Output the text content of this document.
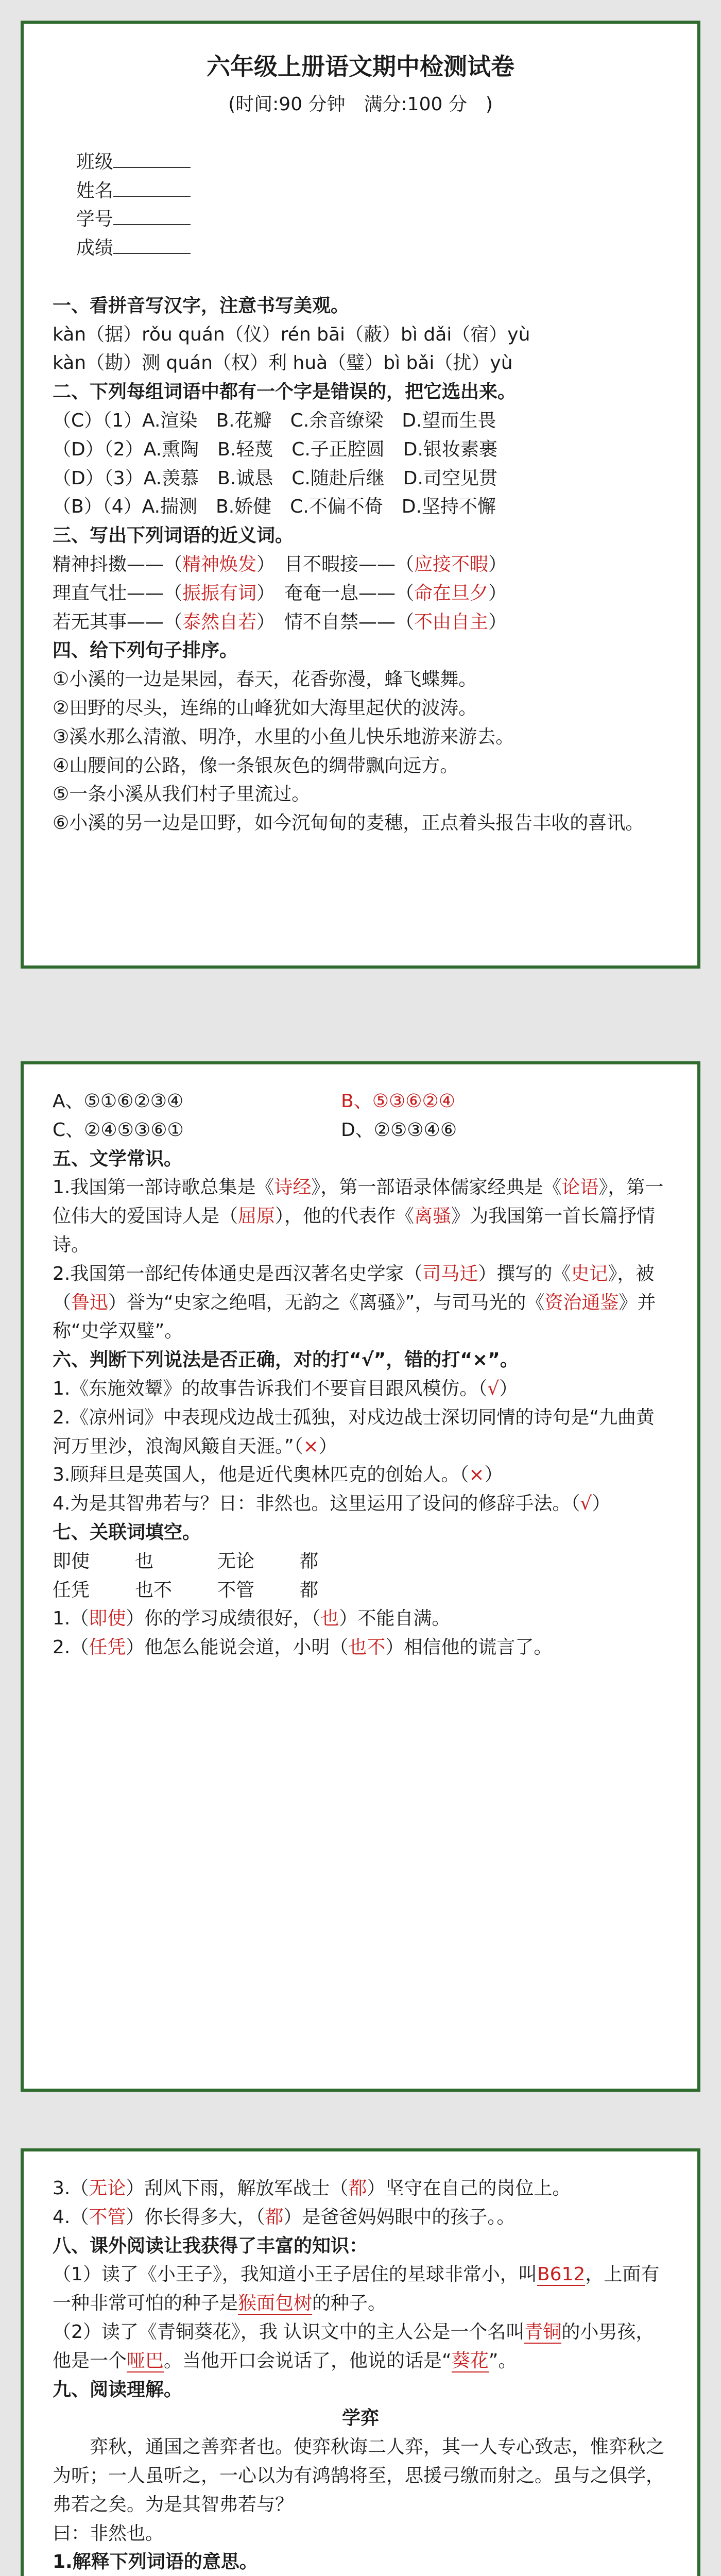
六年级上册语文期中检测试卷
(时间:90 分钟　满分:100 分　)

班级
姓名
学号
成绩

一、看拼音写汉字，注意书写美观。
kàn（据）rǒu quán（仪）rén bāi（蔽）bì dǎi（宿）yù
kàn（勘）测 quán（权）利 huà（璧）bì bǎi（扰）yù
二、下列每组词语中都有一个字是错误的，把它选出来。
（C）（1）A.渲染　B.花瓣　C.余音缭梁　D.望而生畏
（D）（2）A.熏陶　B.轻蔑　C.子正腔圆　D.银妆素裹
（D）（3）A.羡慕　B.诚恳　C.随赴后继　D.司空见贯
（B）（4）A.揣测　B.娇健　C.不偏不倚　D.坚持不懈
三、写出下列词语的近义词。
精神抖擞——（精神焕发）　目不暇接——（应接不暇）
理直气壮——（振振有词）　奄奄一息——（命在旦夕）
若无其事——（泰然自若）　情不自禁——（不由自主）
四、给下列句子排序。
①小溪的一边是果园，春天，花香弥漫，蜂飞蝶舞。
②田野的尽头，连绵的山峰犹如大海里起伏的波涛。
③溪水那么清澈、明净，水里的小鱼儿快乐地游来游去。
④山腰间的公路，像一条银灰色的绸带飘向远方。
⑤一条小溪从我们村子里流过。
⑥小溪的另一边是田野，如今沉甸甸的麦穗，正点着头报告丰收的喜讯。
A、⑤①⑥②③④	B、⑤③⑥②④
C、②④⑤③⑥①	D、②⑤③④⑥
五、文学常识。
1.我国第一部诗歌总集是《诗经》，第一部语录体儒家经典是《论语》，第一位伟大的爱国诗人是（屈原），他的代表作《离骚》为我国第一首长篇抒情诗。
2.我国第一部纪传体通史是西汉著名史学家（司马迁）撰写的《史记》，被（鲁迅）誉为“史家之绝唱，无韵之《离骚》”，与司马光的《资治通鉴》并称“史学双璧”。
六、判断下列说法是否正确，对的打“√”，错的打“×”。
1.《东施效颦》的故事告诉我们不要盲目跟风模仿。（√）
2.《凉州词》中表现戍边战士孤独，对戍边战士深切同情的诗句是“九曲黄河万里沙，浪淘风簸自天涯。”（×）
3.顾拜旦是英国人，他是近代奥林匹克的创始人。（×）
4.为是其智弗若与？日：非然也。这里运用了设问的修辞手法。（√）
七、关联词填空。
即使 也	无论 都
任凭 也不 不管 都
1.（即使）你的学习成绩很好，（也）不能自满。
2.（任凭）他怎么能说会道，小明（也不）相信他的谎言了。
3.（无论）刮风下雨，解放军战士（都）坚守在自己的岗位上。
4.（不管）你长得多大，（都）是爸爸妈妈眼中的孩子。。
八、课外阅读让我获得了丰富的知识：
（1）读了《小王子》，我知道小王子居住的星球非常小，叫B612，上面有一种非常可怕的种子是猴面包树的种子。
（2）读了《青铜葵花》，我 认识文中的主人公是一个名叫青铜的小男孩，他是一个哑巴。当他开口会说话了，他说的话是“葵花”。
九、阅读理解。
学弈
弈秋，通国之善弈者也。使弈秋诲二人弈，其一人专心致志，惟弈秋之为听；一人虽听之，一心以为有鸿鹄将至，思援弓缴而射之。虽与之俱学，弗若之矣。为是其智弗若与？
曰：非然也。
1.解释下列词语的意思。
